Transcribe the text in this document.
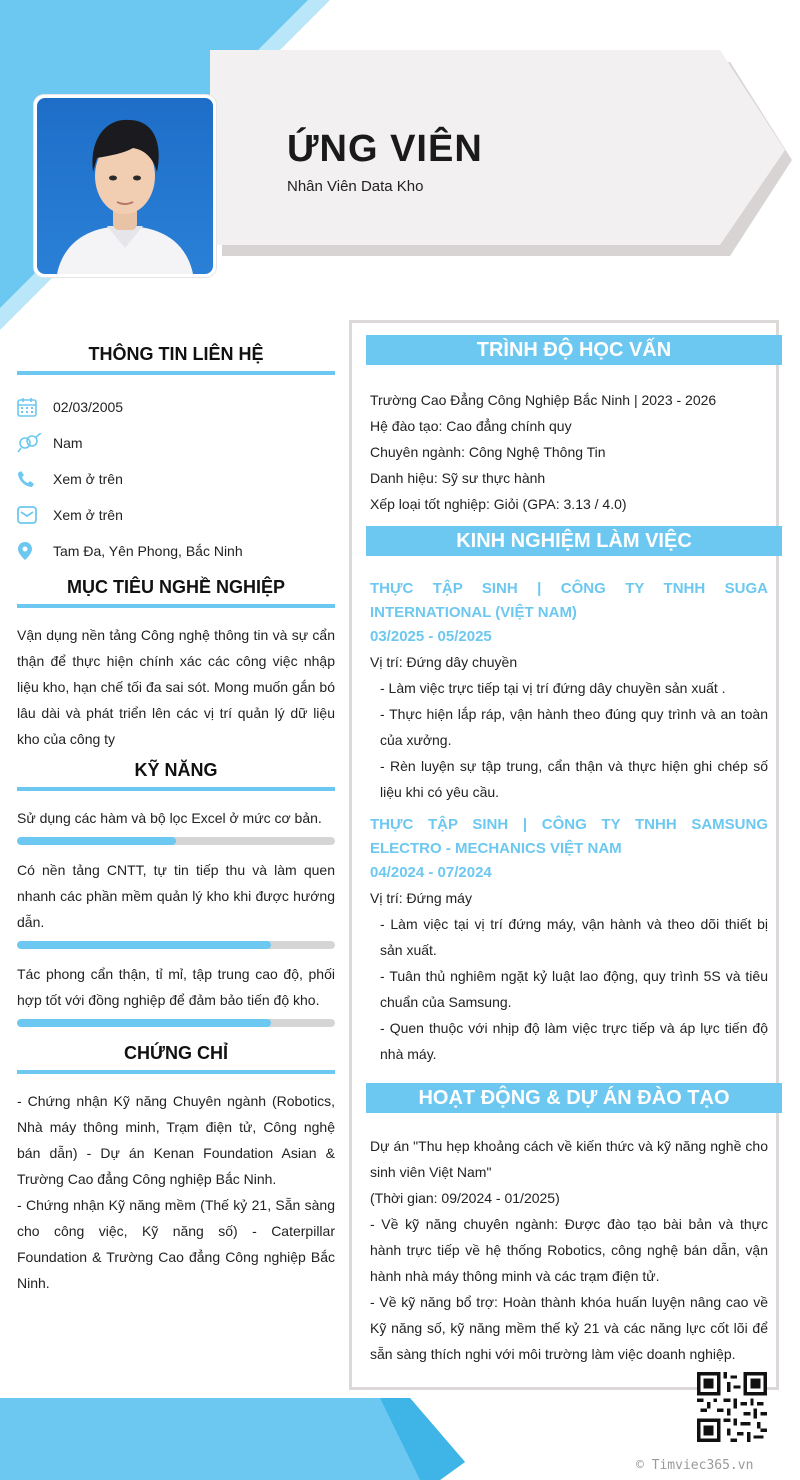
ỨNG VIÊN
Nhân Viên Data Kho
THÔNG TIN LIÊN HỆ
02/03/2005
Nam
Xem ở trên
Xem ở trên
Tam Đa, Yên Phong, Bắc Ninh
MỤC TIÊU NGHỀ NGHIỆP
Vận dụng nền tảng Công nghệ thông tin và sự cẩn thận để thực hiện chính xác các công việc nhập liệu kho, hạn chế tối đa sai sót. Mong muốn gắn bó lâu dài và phát triển lên các vị trí quản lý dữ liệu kho của công ty
KỸ NĂNG
Sử dụng các hàm và bộ lọc Excel ở mức cơ bản.
Có nền tảng CNTT, tự tin tiếp thu và làm quen nhanh các phần mềm quản lý kho khi được hướng dẫn.
Tác phong cẩn thận, tỉ mỉ, tập trung cao độ, phối hợp tốt với đồng nghiệp để đảm bảo tiến độ kho.
CHỨNG CHỈ
- Chứng nhận Kỹ năng Chuyên ngành (Robotics, Nhà máy thông minh, Trạm điện tử, Công nghệ bán dẫn) - Dự án Kenan Foundation Asian & Trường Cao đẳng Công nghiệp Bắc Ninh.
- Chứng nhận Kỹ năng mềm (Thế kỷ 21, Sẵn sàng cho công việc, Kỹ năng số) - Caterpillar Foundation & Trường Cao đẳng Công nghiệp Bắc Ninh.
TRÌNH ĐỘ HỌC VẤN
Trường Cao Đẳng Công Nghiệp Bắc Ninh | 2023 - 2026
Hệ đào tạo: Cao đẳng chính quy
Chuyên ngành: Công Nghệ Thông Tin
Danh hiệu: Sỹ sư thực hành
Xếp loại tốt nghiệp: Giỏi (GPA: 3.13 / 4.0)
KINH NGHIỆM LÀM VIỆC
THỰC TẬP SINH | CÔNG TY TNHH SUGA INTERNATIONAL (VIỆT NAM)
03/2025 - 05/2025
Vị trí: Đứng dây chuyền
- Làm việc trực tiếp tại vị trí đứng dây chuyền sản xuất .
- Thực hiện lắp ráp, vận hành theo đúng quy trình và an toàn của xưởng.
- Rèn luyện sự tập trung, cẩn thận và thực hiện ghi chép số liệu khi có yêu cầu.
THỰC TẬP SINH | CÔNG TY TNHH SAMSUNG ELECTRO - MECHANICS VIỆT NAM
04/2024 - 07/2024
Vị trí: Đứng máy
- Làm việc tại vị trí đứng máy, vận hành và theo dõi thiết bị sản xuất.
- Tuân thủ nghiêm ngặt kỷ luật lao động, quy trình 5S và tiêu chuẩn của Samsung.
- Quen thuộc với nhịp độ làm việc trực tiếp và áp lực tiến độ nhà máy.
HOẠT ĐỘNG & DỰ ÁN ĐÀO TẠO
Dự án "Thu hẹp khoảng cách về kiến thức và kỹ năng nghề cho sinh viên Việt Nam"
(Thời gian: 09/2024 - 01/2025)
- Về kỹ năng chuyên ngành: Được đào tạo bài bản và thực hành trực tiếp về hệ thống Robotics, công nghệ bán dẫn, vận hành nhà máy thông minh và các trạm điện tử.
- Về kỹ năng bổ trợ: Hoàn thành khóa huấn luyện nâng cao về Kỹ năng số, kỹ năng mềm thế kỷ 21 và các năng lực cốt lõi để sẵn sàng thích nghi với môi trường làm việc doanh nghiệp.
© Timviec365.vn
